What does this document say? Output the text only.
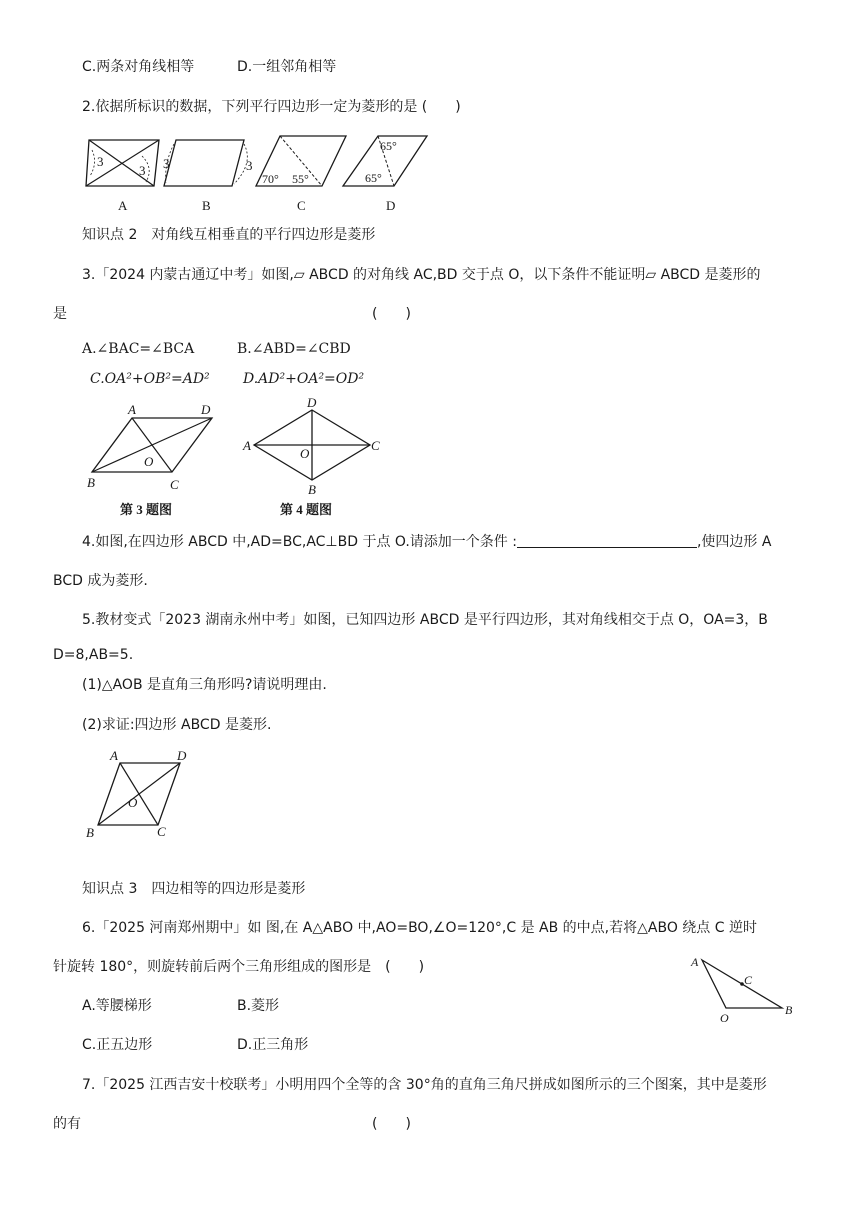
C.两条对角线相等	D.一组邻角相等
2.依据所标识的数据，下列平行四边形一定为菱形的是 (　　)
3
3
A
3	3
B
70° 55°
C
65°
65°
D
知识点 2　对角线互相垂直的平行四边形是菱形
3.「2024 内蒙古通辽中考」如图,▱ ABCD 的对角线 AC,BD 交于点 O，以下条件不能证明▱ ABCD 是菱形的
是	(　　)
A.∠BAC=∠BCA	B.∠ABD=∠CBD
C.OA²+OB²=AD² D.AD²+OA²=OD²
A	D
B	C
O
第 3 题图
D
A	C
B
O
第 4 题图
4.如图,在四边形 ABCD 中,AD=BC,AC⊥BD 于点 O.请添加一个条件 :	,使四边形 A
BCD 成为菱形.
5.教材变式「2023 湖南永州中考」如图，已知四边形 ABCD 是平行四边形，其对角线相交于点 O，OA=3，B
D=8,AB=5.
(1)△AOB 是直角三角形吗?请说明理由.
(2)求证:四边形 ABCD 是菱形.
A	D
B	C
O
知识点 3　四边相等的四边形是菱形
6.「2025 河南郑州期中」如 图,在 A△ABO 中,AO=BO,∠O=120°,C 是 AB 的中点,若将△ABO 绕点 C 逆时
针旋转 180°，则旋转前后两个三角形组成的图形是　(　　)
A.等腰梯形	B.菱形
C.正五边形	D.正三角形
A
C
O
B
7.「2025 江西吉安十校联考」小明用四个全等的含 30°角的直角三角尺拼成如图所示的三个图案，其中是菱形
的有	(　　)
